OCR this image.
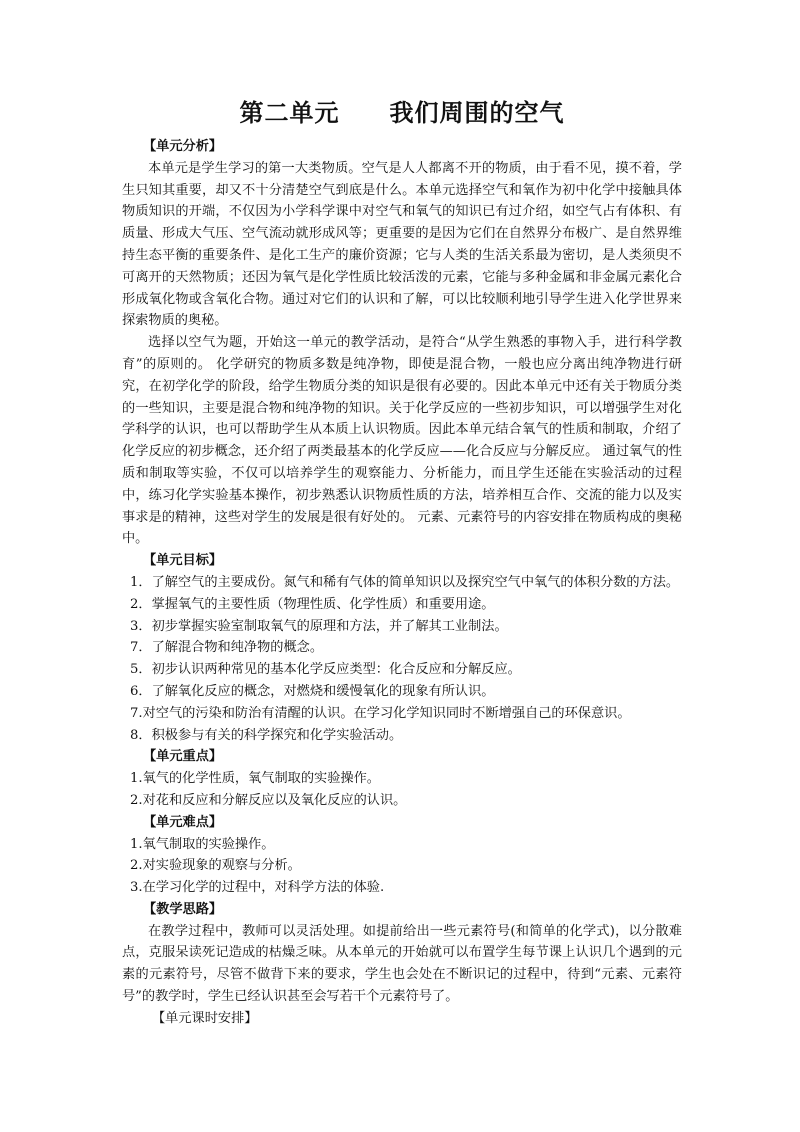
第二单元　　我们周围的空气

【单元分析】

本单元是学生学习的第一大类物质。空气是人人都离不开的物质，由于看不见，摸不着，学生只知其重要，却又不十分清楚空气到底是什么。本单元选择空气和氧作为初中化学中接触具体物质知识的开端，不仅因为小学科学课中对空气和氧气的知识已有过介绍，如空气占有体积、有质量、形成大气压、空气流动就形成风等；更重要的是因为它们在自然界分布极广、是自然界维持生态平衡的重要条件、是化工生产的廉价资源；它与人类的生活关系最为密切，是人类须臾不可离开的天然物质；还因为氧气是化学性质比较活泼的元素，它能与多种金属和非金属元素化合形成氧化物或含氧化合物。通过对它们的认识和了解，可以比较顺利地引导学生进入化学世界来探索物质的奥秘。

选择以空气为题，开始这一单元的教学活动，是符合“从学生熟悉的事物入手，进行科学教育”的原则的。 化学研究的物质多数是纯净物，即使是混合物，一般也应分离出纯净物进行研究，在初学化学的阶段，给学生物质分类的知识是很有必要的。因此本单元中还有关于物质分类的一些知识，主要是混合物和纯净物的知识。关于化学反应的一些初步知识，可以增强学生对化学科学的认识，也可以帮助学生从本质上认识物质。因此本单元结合氧气的性质和制取，介绍了化学反应的初步概念，还介绍了两类最基本的化学反应——化合反应与分解反应。 通过氧气的性质和制取等实验，不仅可以培养学生的观察能力、分析能力，而且学生还能在实验活动的过程中，练习化学实验基本操作，初步熟悉认识物质性质的方法，培养相互合作、交流的能力以及实事求是的精神，这些对学生的发展是很有好处的。 元素、元素符号的内容安排在物质构成的奥秘中。

【单元目标】

1．了解空气的主要成份。氮气和稀有气体的简单知识以及探究空气中氧气的体积分数的方法。

2．掌握氧气的主要性质（物理性质、化学性质）和重要用途。

3．初步掌握实验室制取氧气的原理和方法，并了解其工业制法。

7．了解混合物和纯净物的概念。

5．初步认识两种常见的基本化学反应类型：化合反应和分解反应。

6．了解氧化反应的概念，对燃烧和缓慢氧化的现象有所认识。

7.对空气的污染和防治有清醒的认识。在学习化学知识同时不断增强自己的环保意识。

8．积极参与有关的科学探究和化学实验活动。

【单元重点】

1.氧气的化学性质，氧气制取的实验操作。

2.对花和反应和分解反应以及氧化反应的认识。

【单元难点】

1.氧气制取的实验操作。

2.对实验现象的观察与分析。

3.在学习化学的过程中，对科学方法的体验.

【教学思路】

在教学过程中，教师可以灵活处理。如提前给出一些元素符号(和简单的化学式)，以分散难点，克服呆读死记造成的枯燥乏味。从本单元的开始就可以布置学生每节课上认识几个遇到的元素的元素符号，尽管不做背下来的要求，学生也会处在不断识记的过程中，待到“元素、元素符号”的教学时，学生已经认识甚至会写若干个元素符号了。

【单元课时安排】
